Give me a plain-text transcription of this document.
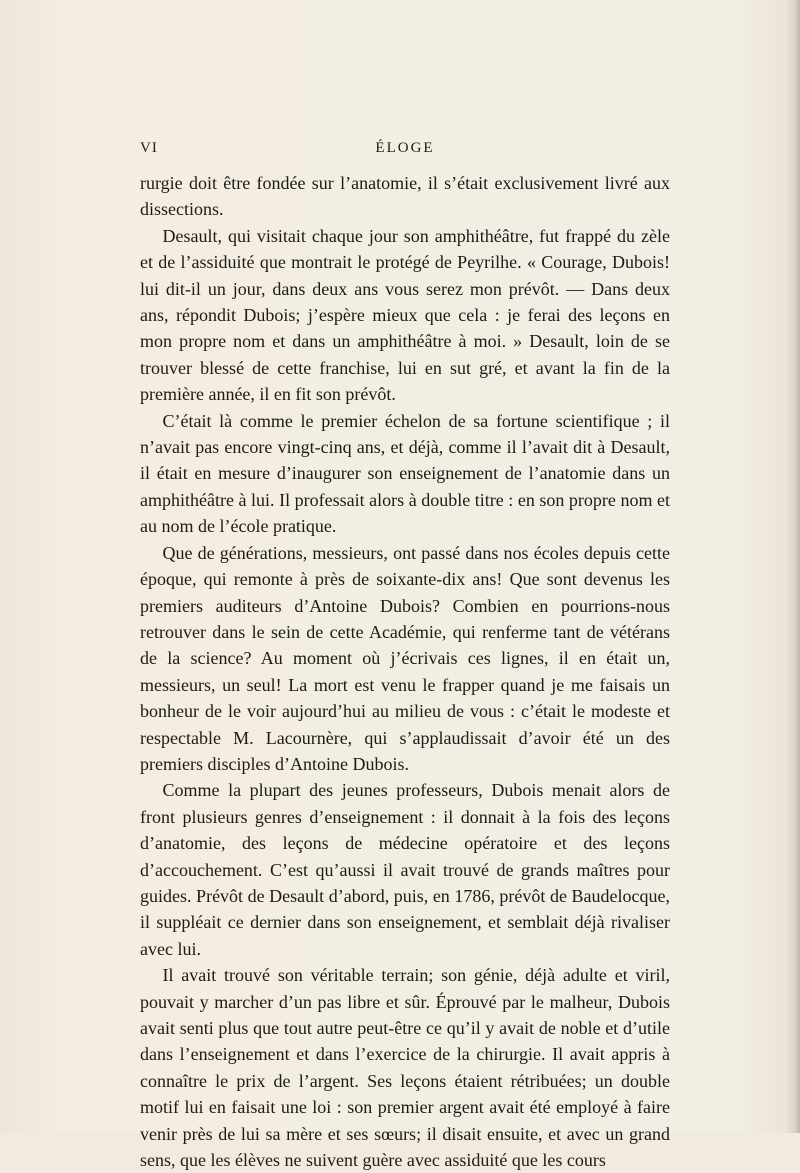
VI	ÉLOGE

rurgie doit être fondée sur l’anatomie, il s’était exclusivement livré aux dissections.

Desault, qui visitait chaque jour son amphithéâtre, fut frappé du zèle et de l’assiduité que montrait le protégé de Peyrilhe. « Courage, Dubois! lui dit-il un jour, dans deux ans vous serez mon prévôt. — Dans deux ans, répondit Dubois; j’espère mieux que cela : je ferai des leçons en mon propre nom et dans un amphithéâtre à moi. » Desault, loin de se trouver blessé de cette franchise, lui en sut gré, et avant la fin de la première année, il en fit son prévôt.

C’était là comme le premier échelon de sa fortune scientifique ; il n’avait pas encore vingt-cinq ans, et déjà, comme il l’avait dit à Desault, il était en mesure d’inaugurer son enseignement de l’anatomie dans un amphithéâtre à lui. Il professait alors à double titre : en son propre nom et au nom de l’école pratique.

Que de générations, messieurs, ont passé dans nos écoles depuis cette époque, qui remonte à près de soixante-dix ans! Que sont devenus les premiers auditeurs d’Antoine Dubois? Combien en pourrions-nous retrouver dans le sein de cette Académie, qui renferme tant de vétérans de la science? Au moment où j’écrivais ces lignes, il en était un, messieurs, un seul! La mort est venu le frapper quand je me faisais un bonheur de le voir aujourd’hui au milieu de vous : c’était le modeste et respectable M. Lacournère, qui s’applaudissait d’avoir été un des premiers disciples d’Antoine Dubois.

Comme la plupart des jeunes professeurs, Dubois menait alors de front plusieurs genres d’enseignement : il donnait à la fois des leçons d’anatomie, des leçons de médecine opératoire et des leçons d’accouchement. C’est qu’aussi il avait trouvé de grands maîtres pour guides. Prévôt de Desault d’abord, puis, en 1786, prévôt de Baudelocque, il suppléait ce dernier dans son enseignement, et semblait déjà rivaliser avec lui.

Il avait trouvé son véritable terrain; son génie, déjà adulte et viril, pouvait y marcher d’un pas libre et sûr. Éprouvé par le malheur, Dubois avait senti plus que tout autre peut-être ce qu’il y avait de noble et d’utile dans l’enseignement et dans l’exercice de la chirurgie. Il avait appris à connaître le prix de l’argent. Ses leçons étaient rétribuées; un double motif lui en faisait une loi : son premier argent avait été employé à faire venir près de lui sa mère et ses sœurs; il disait ensuite, et avec un grand sens, que les élèves ne suivent guère avec assiduité que les cours
